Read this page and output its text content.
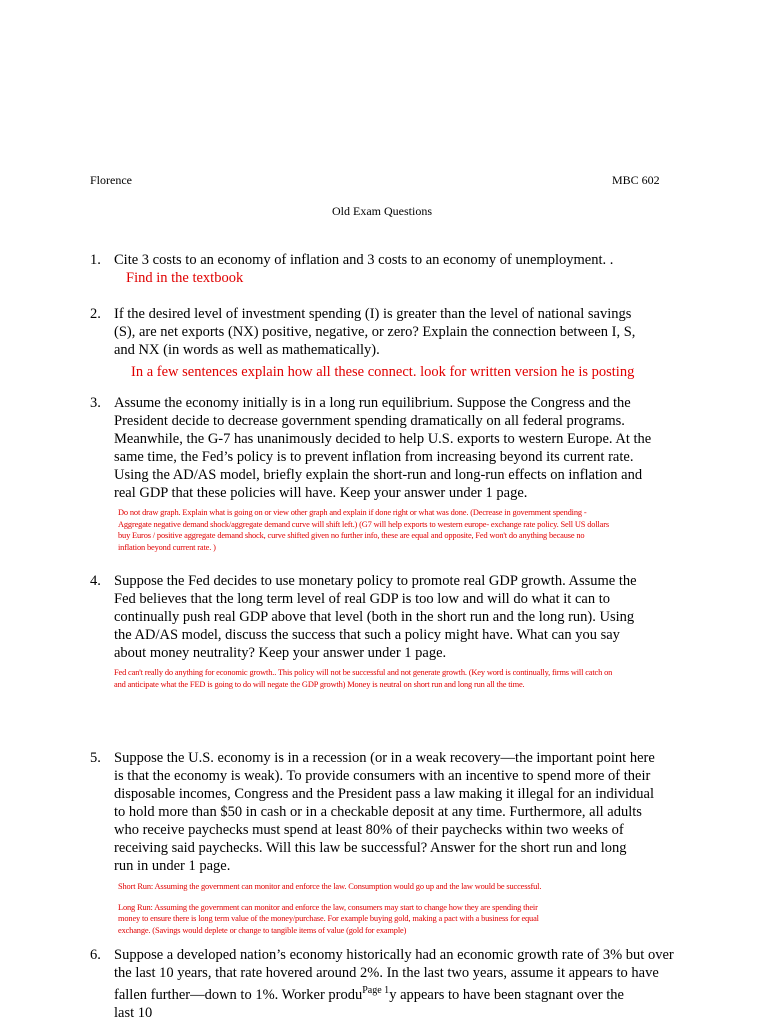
Florence	MBC 602
Old Exam Questions
1. Cite 3 costs to an economy of inflation and 3 costs to an economy of unemployment. .
Find in the textbook
2. If the desired level of investment spending (I) is greater than the level of national savings
(S), are net exports (NX) positive, negative, or zero? Explain the connection between I, S,
and NX (in words as well as mathematically).
In a few sentences explain how all these connect. look for written version he is posting
3. Assume the economy initially is in a long run equilibrium. Suppose the Congress and the
President decide to decrease government spending dramatically on all federal programs.
Meanwhile, the G-7 has unanimously decided to help U.S. exports to western Europe. At the
same time, the Fed’s policy is to prevent inflation from increasing beyond its current rate.
Using the AD/AS model, briefly explain the short-run and long-run effects on inflation and
real GDP that these policies will have. Keep your answer under 1 page.
Do not draw graph. Explain what is going on or view other graph and explain if done right or what was done. (Decrease in government spending -
Aggregate negative demand shock/aggregate demand curve will shift left.) (G7 will help exports to western europe- exchange rate policy. Sell US dollars
buy Euros / positive aggregate demand shock, curve shifted given no further info, these are equal and opposite, Fed won't do anything because no
inflation beyond current rate. )
4. Suppose the Fed decides to use monetary policy to promote real GDP growth. Assume the
Fed believes that the long term level of real GDP is too low and will do what it can to
continually push real GDP above that level (both in the short run and the long run). Using
the AD/AS model, discuss the success that such a policy might have. What can you say
about money neutrality? Keep your answer under 1 page.
Fed can't really do anything for economic growth.. This policy will not be successful and not generate growth. (Key word is continually, firms will catch on
and anticipate what the FED is going to do will negate the GDP growth) Money is neutral on short run and long run all the time.
5. Suppose the U.S. economy is in a recession (or in a weak recovery—the important point here
is that the economy is weak). To provide consumers with an incentive to spend more of their
disposable incomes, Congress and the President pass a law making it illegal for an individual
to hold more than $50 in cash or in a checkable deposit at any time. Furthermore, all adults
who receive paychecks must spend at least 80% of their paychecks within two weeks of
receiving said paychecks. Will this law be successful? Answer for the short run and long
run in under 1 page.
Short Run: Assuming the government can monitor and enforce the law. Consumption would go up and the law would be successful.
Long Run: Assuming the government can monitor and enforce the law, consumers may start to change how they are spending their
money to ensure there is long term value of the money/purchase. For example buying gold, making a pact with a business for equal
exchange. (Savings would deplete or change to tangible items of value (gold for example)
6. Suppose a developed nation’s economy historically had an economic growth rate of 3% but over
the last 10 years, that rate hovered around 2%. In the last two years, assume it appears to have
fallen further—down to 1%. Worker produ$^{Page 1}$y appears to have been stagnant over the
last 10
